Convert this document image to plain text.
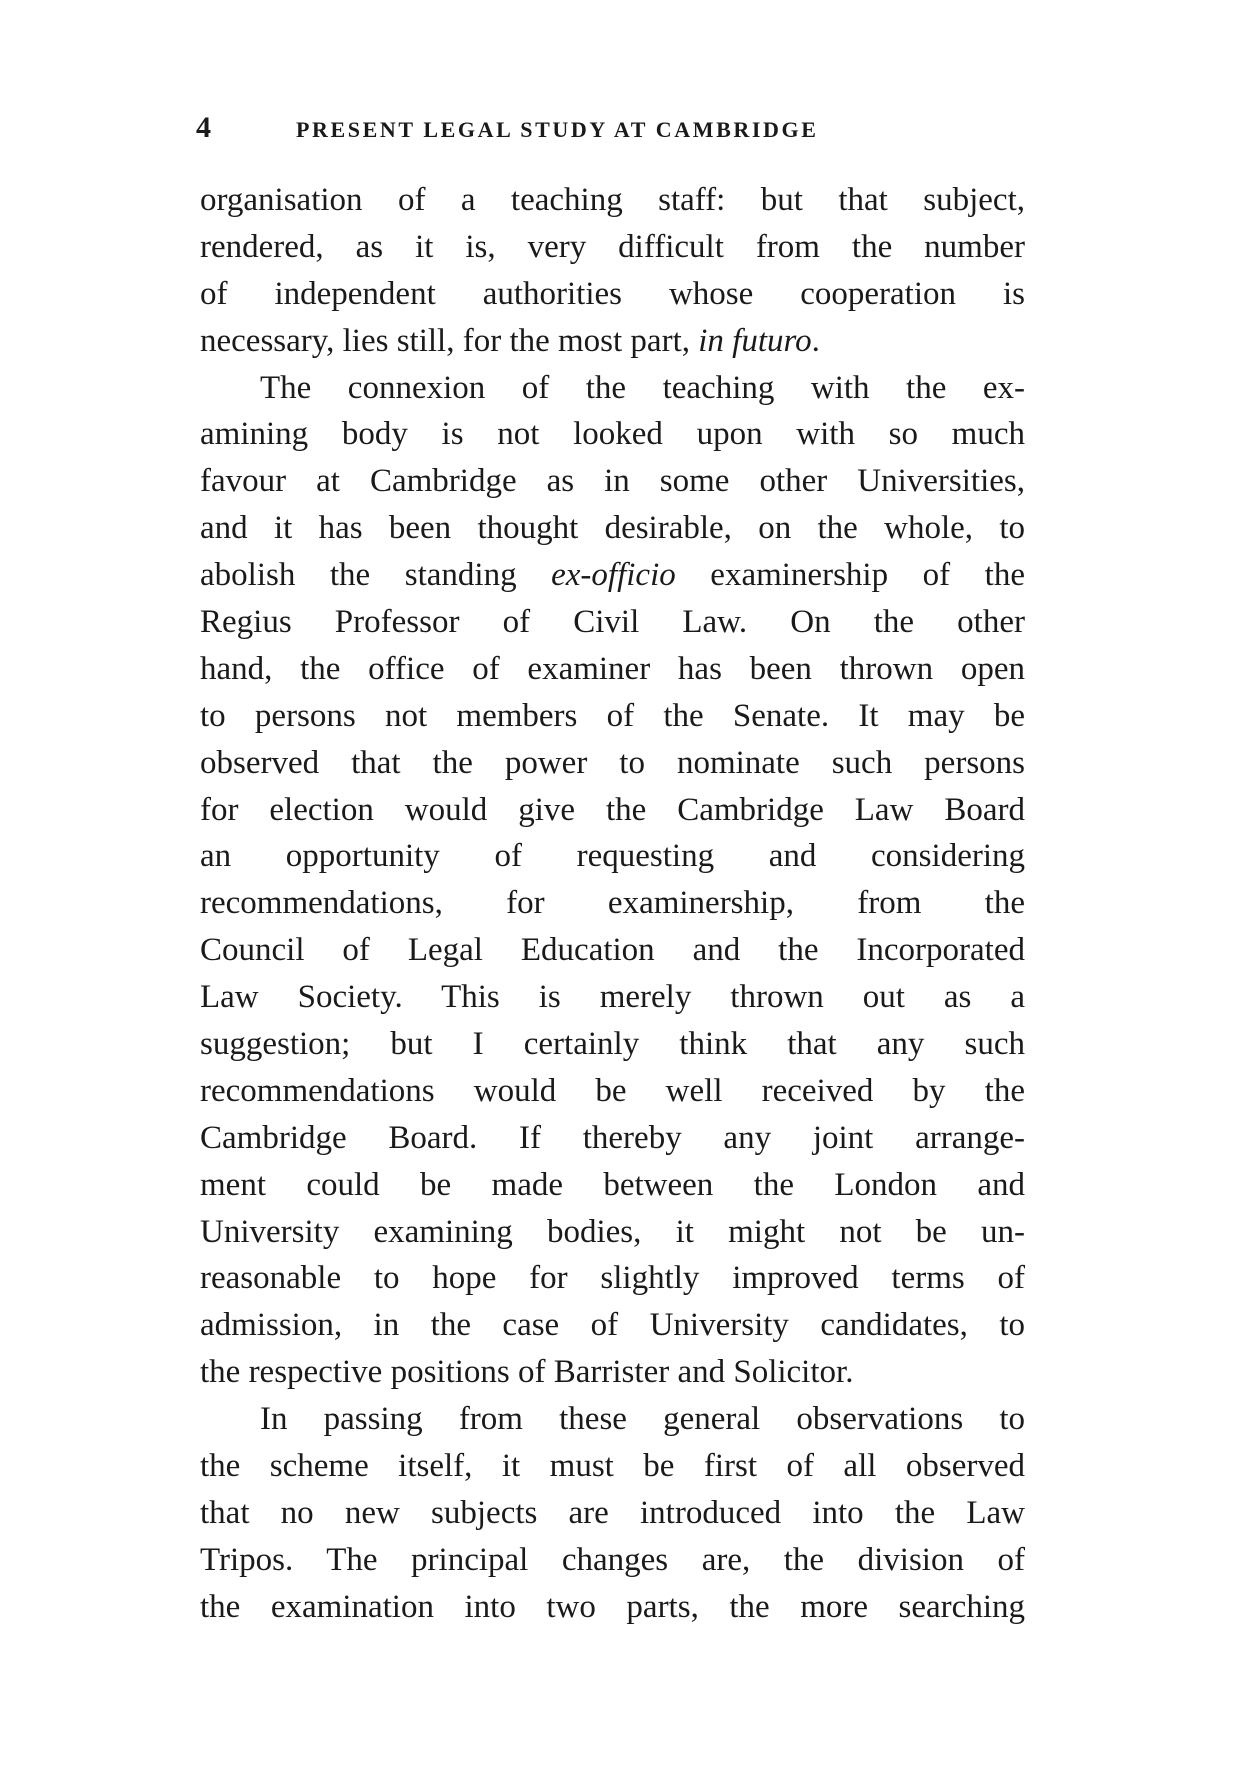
4	PRESENT LEGAL STUDY AT CAMBRIDGE
organisation of a teaching staff: but that subject,
rendered, as it is, very difficult from the number
of independent authorities whose cooperation is
necessary, lies still, for the most part, in futuro.
The connexion of the teaching with the ex-
amining body is not looked upon with so much
favour at Cambridge as in some other Universities,
and it has been thought desirable, on the whole, to
abolish the standing ex-officio examinership of the
Regius Professor of Civil Law. On the other
hand, the office of examiner has been thrown open
to persons not members of the Senate. It may be
observed that the power to nominate such persons
for election would give the Cambridge Law Board
an opportunity of requesting and considering
recommendations, for examinership, from the
Council of Legal Education and the Incorporated
Law Society. This is merely thrown out as a
suggestion; but I certainly think that any such
recommendations would be well received by the
Cambridge Board. If thereby any joint arrange-
ment could be made between the London and
University examining bodies, it might not be un-
reasonable to hope for slightly improved terms of
admission, in the case of University candidates, to
the respective positions of Barrister and Solicitor.
In passing from these general observations to
the scheme itself, it must be first of all observed
that no new subjects are introduced into the Law
Tripos. The principal changes are, the division of
the examination into two parts, the more searching
